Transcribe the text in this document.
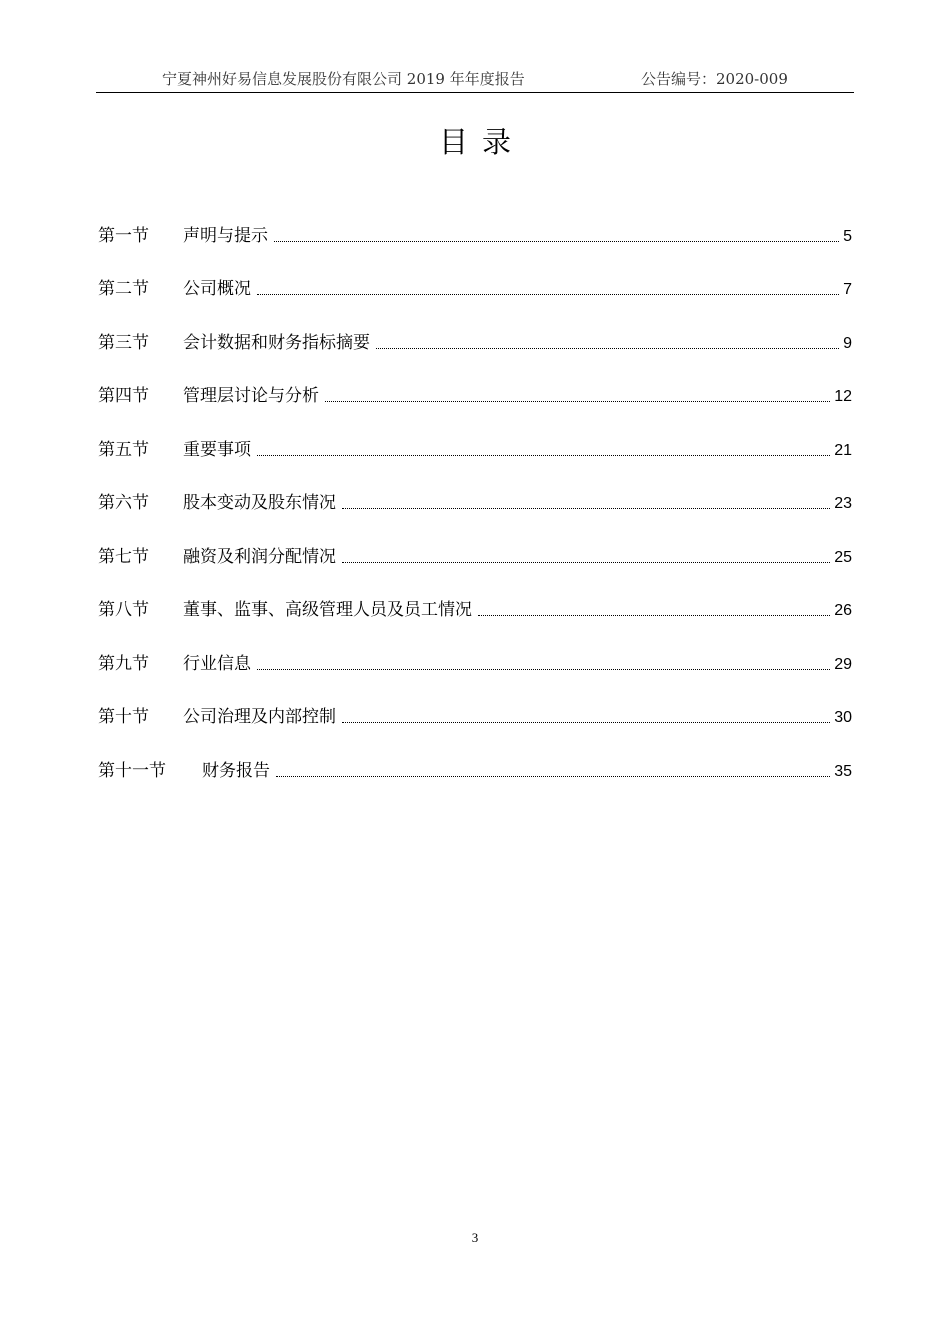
宁夏神州好易信息发展股份有限公司 2019 年年度报告	公告编号：2020-009
目录
第一节	声明与提示	5
第二节	公司概况	7
第三节	会计数据和财务指标摘要	9
第四节	管理层讨论与分析	12
第五节	重要事项	21
第六节	股本变动及股东情况	23
第七节	融资及利润分配情况	25
第八节	董事、监事、高级管理人员及员工情况	26
第九节	行业信息	29
第十节	公司治理及内部控制	30
第十一节	财务报告	35
3
